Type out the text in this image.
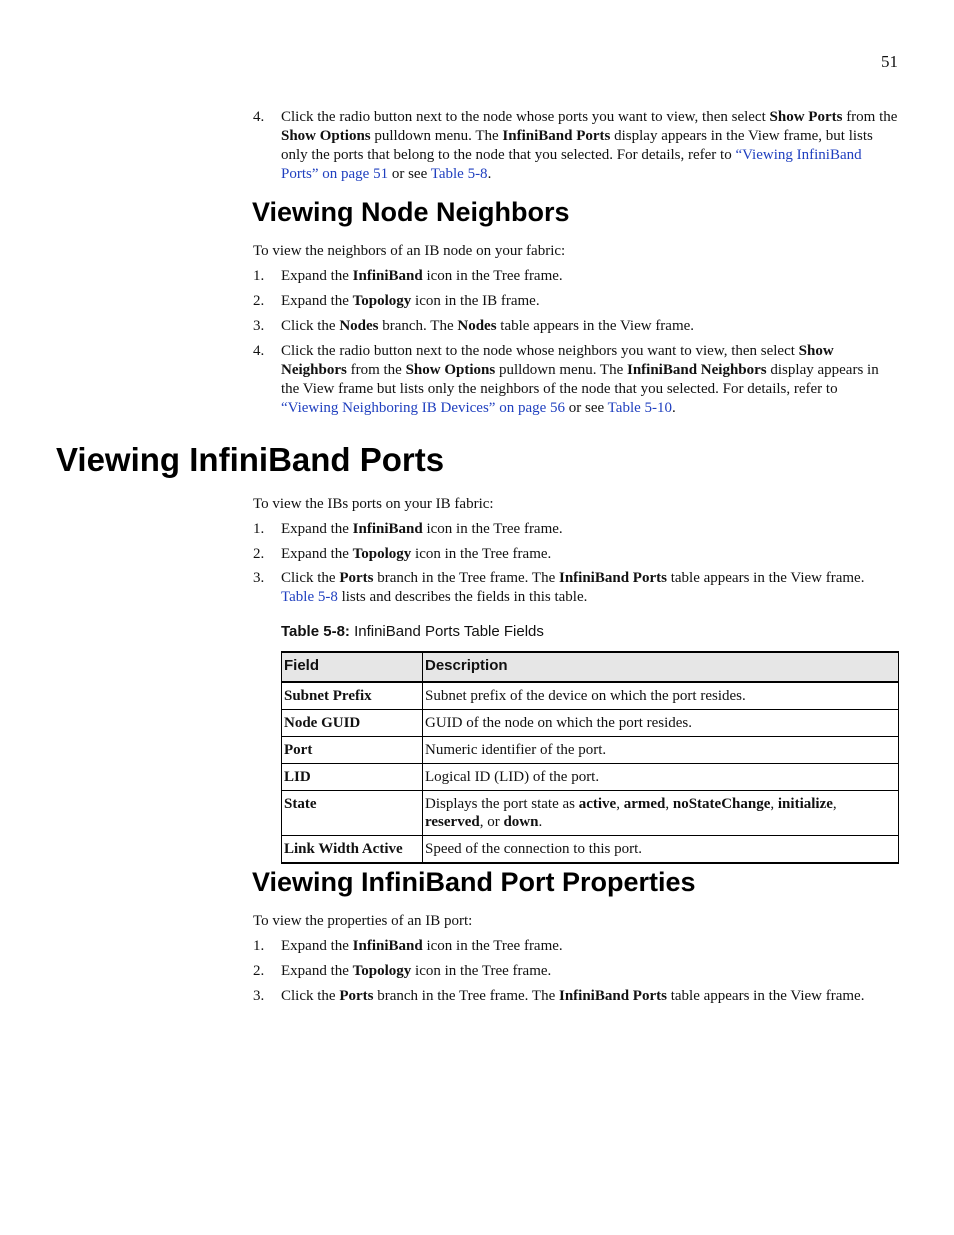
51
4.	Click the radio button next to the node whose ports you want to view, then select Show Ports from the Show Options pulldown menu. The InfiniBand Ports display appears in the View frame, but lists only the ports that belong to the node that you selected. For details, refer to “Viewing InfiniBand Ports” on page 51 or see Table 5-8.
Viewing Node Neighbors
To view the neighbors of an IB node on your fabric:
1.	Expand the InfiniBand icon in the Tree frame.
2.	Expand the Topology icon in the IB frame.
3.	Click the Nodes branch. The Nodes table appears in the View frame.
4.	Click the radio button next to the node whose neighbors you want to view, then select Show Neighbors from the Show Options pulldown menu. The InfiniBand Neighbors display appears in the View frame but lists only the neighbors of the node that you selected. For details, refer to “Viewing Neighboring IB Devices” on page 56 or see Table 5-10.
Viewing InfiniBand Ports
To view the IBs ports on your IB fabric:
1.	Expand the InfiniBand icon in the Tree frame.
2.	Expand the Topology icon in the Tree frame.
3.	Click the Ports branch in the Tree frame. The InfiniBand Ports table appears in the View frame. Table 5-8 lists and describes the fields in this table.
Table 5-8: InfiniBand Ports Table Fields
Field	Description
Subnet Prefix	Subnet prefix of the device on which the port resides.
Node GUID	GUID of the node on which the port resides.
Port	Numeric identifier of the port.
LID	Logical ID (LID) of the port.
State	Displays the port state as active, armed, noStateChange, initialize, reserved, or down.
Link Width Active	Speed of the connection to this port.
Viewing InfiniBand Port Properties
To view the properties of an IB port:
1.	Expand the InfiniBand icon in the Tree frame.
2.	Expand the Topology icon in the Tree frame.
3.	Click the Ports branch in the Tree frame. The InfiniBand Ports table appears in the View frame.
